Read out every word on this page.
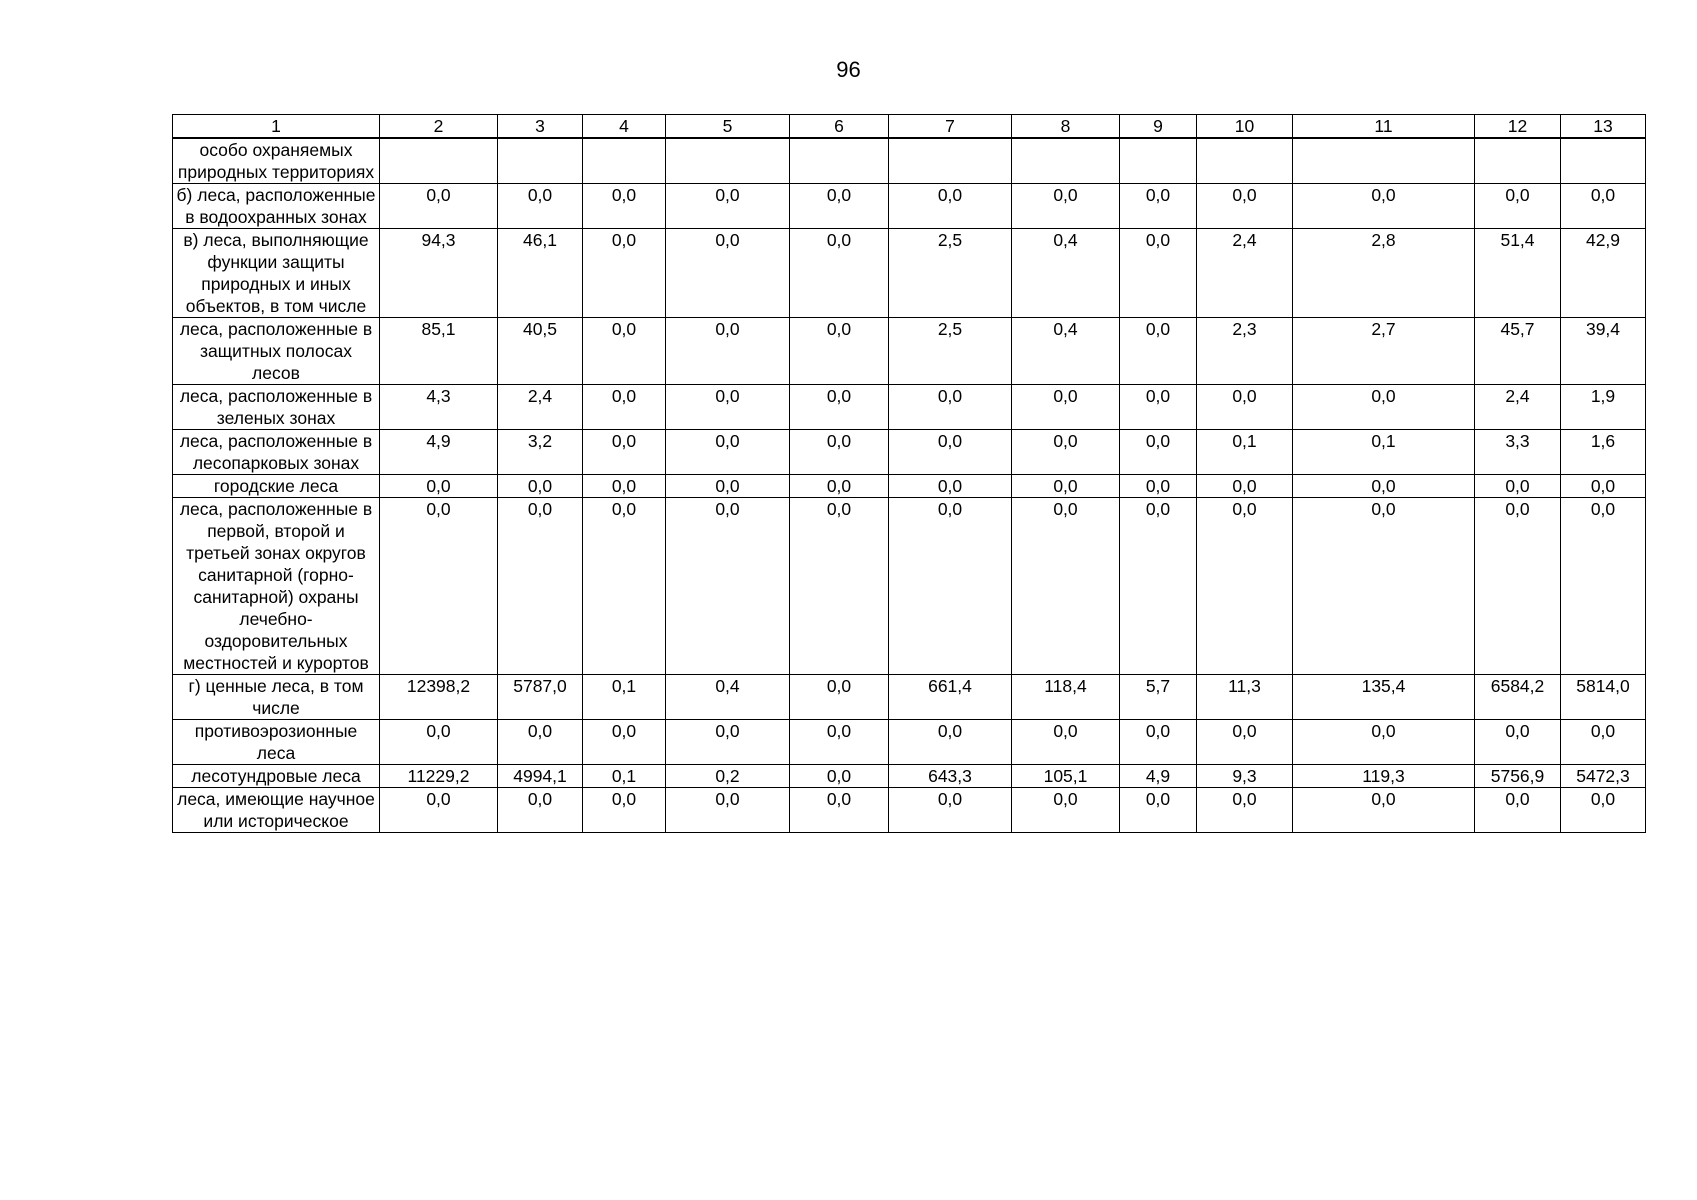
96
1	2	3	4	5	6	7	8	9	10	11	12	13
особо охраняемых природных территориях												
б) леса, расположенные в водоохранных зонах	0,0	0,0	0,0	0,0	0,0	0,0	0,0	0,0	0,0	0,0	0,0	0,0
в) леса, выполняющие функции защиты природных и иных объектов, в том числе	94,3	46,1	0,0	0,0	0,0	2,5	0,4	0,0	2,4	2,8	51,4	42,9
леса, расположенные в защитных полосах лесов	85,1	40,5	0,0	0,0	0,0	2,5	0,4	0,0	2,3	2,7	45,7	39,4
леса, расположенные в зеленых зонах	4,3	2,4	0,0	0,0	0,0	0,0	0,0	0,0	0,0	0,0	2,4	1,9
леса, расположенные в лесопарковых зонах	4,9	3,2	0,0	0,0	0,0	0,0	0,0	0,0	0,1	0,1	3,3	1,6
городские леса	0,0	0,0	0,0	0,0	0,0	0,0	0,0	0,0	0,0	0,0	0,0	0,0
леса, расположенные в первой, второй и третьей зонах округов санитарной (горно-санитарной) охраны лечебно-оздоровительных местностей и курортов	0,0	0,0	0,0	0,0	0,0	0,0	0,0	0,0	0,0	0,0	0,0	0,0
г) ценные леса, в том числе	12398,2	5787,0	0,1	0,4	0,0	661,4	118,4	5,7	11,3	135,4	6584,2	5814,0
противоэрозионные леса	0,0	0,0	0,0	0,0	0,0	0,0	0,0	0,0	0,0	0,0	0,0	0,0
лесотундровые леса	11229,2	4994,1	0,1	0,2	0,0	643,3	105,1	4,9	9,3	119,3	5756,9	5472,3
леса, имеющие научное или историческое	0,0	0,0	0,0	0,0	0,0	0,0	0,0	0,0	0,0	0,0	0,0	0,0
